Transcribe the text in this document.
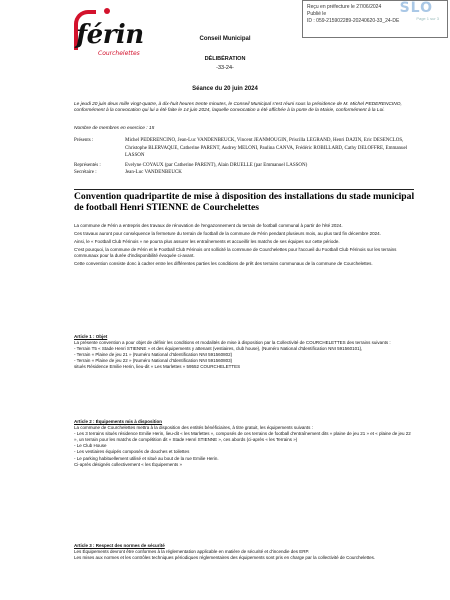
férin
Courchelettes
Reçu en préfecture le 27/06/2024
Publié le
ID : 059-215902289-20240620-33_24-DE
SLO
Page 1 sur 3
Conseil Municipal
DÉLIBÉRATION
-33-24-
Séance du 20 juin 2024
Le jeudi 20 juin deux mille vingt-quatre, à dix-huit heures trente minutes, le Conseil Municipal s'est réuni sous la présidence de M. Michel PEDERENCINO, conformément à la convocation qui lui a été faite le 14 juin 2024, laquelle convocation a été affichée à la porte de la Mairie, conformément à la Loi.
Nombre de membres en exercice : 15
Présents :	Michel PEDERENCINO, Jean-Luc VANDENBEUCK, Vincent JEANMOUGIN, Priscilla LEGRAND, Henri DAZIN, Eric DESENCLOS, Christophe BLERVAQUE, Catherine PARENT, Audrey MELONI, Paulina CANVA, Frédéric ROBILLARD, Cathy DELOFFRE, Emmanuel LASSON
Représentés :	Evelyne COYAUX (par Catherine PARENT), Alain DRUELLE (par Emmanuel LASSON)
Secrétaire :	Jean-Luc VANDENBEUCK
Convention quadripartite de mise à disposition des installations du stade municipal de football Henri STIENNE de Courchelettes

La commune de Férin a entrepris des travaux de rénovation de l'engazonnement du terrain de football communal à partir de l'été 2024.

Ces travaux auront pour conséquence la fermeture du terrain de football de la commune de Férin pendant plusieurs mois, au plus tard fin décembre 2024.

Ainsi, le « Football Club Férinois » ne pourra plus assurer les entraînements et accueillir les matchs de ses équipes sur cette période.

C'est pourquoi, la commune de Férin et le Football Club Férinois ont sollicité la commune de Courchelettes pour l'accueil du Football Club Férinois sur les terrains communaux pour la durée d'indisponibilité évoquée ci-avant.

Cette convention consiste donc à cadrer entre les différentes parties les conditions de prêt des terrains communaux de la commune de Courchelettes.

Article 1 : Objet

La présente convention a pour objet de définir les conditions et modalités de mise à disposition par la Collectivité de COURCHELETTES des terrains suivants :

- Terrain T5 « Stade Henri STIENNE » et des équipements y attenant (vestiaires, club house), (Numéro National d'Identification NNI 591560101),

- Terrain « Plaine de jeu 21 » (Numéro National d'Identification NNI 591560802)

- Terrain « Plaine de jeu 22 » (Numéro National d'Identification NNI 591560803)

situés Résidence Emilie Herin, lieu-dit « Les Marlettes » 59552 COURCHELETTES

Article 2 : Équipements mis à disposition

La commune de Courchelettes mettra à la disposition des entités bénéficiaires, à titre gratuit, les équipements suivants :

- Les 3 terrains situés résidence Emilie Herin, lieu-dit « les Marlettes », composés de ces terrains de football d'entraînement dits « plaine de jeu 21 » et « plaine de jeu 22 », un terrain pour les matchs de compétition dit « Stade Henri STIENNE », ces abords (ci-après « les Terrains »)

- Le Club House

- Les vestiaires équipés composés de douches et toilettes

- Le parking habituellement utilisé et situé au bout de la rue Emilie Herin.

Ci-après désignés collectivement « les Équipements »

Article 3 : Respect des normes de sécurité

Les Équipements devront être conformes à la réglementation applicable en matière de sécurité et d'incendie des ERP.

Les mises aux normes et les contrôles techniques périodiques réglementaires des équipements sont pris en charge par la collectivité de Courchelettes.
